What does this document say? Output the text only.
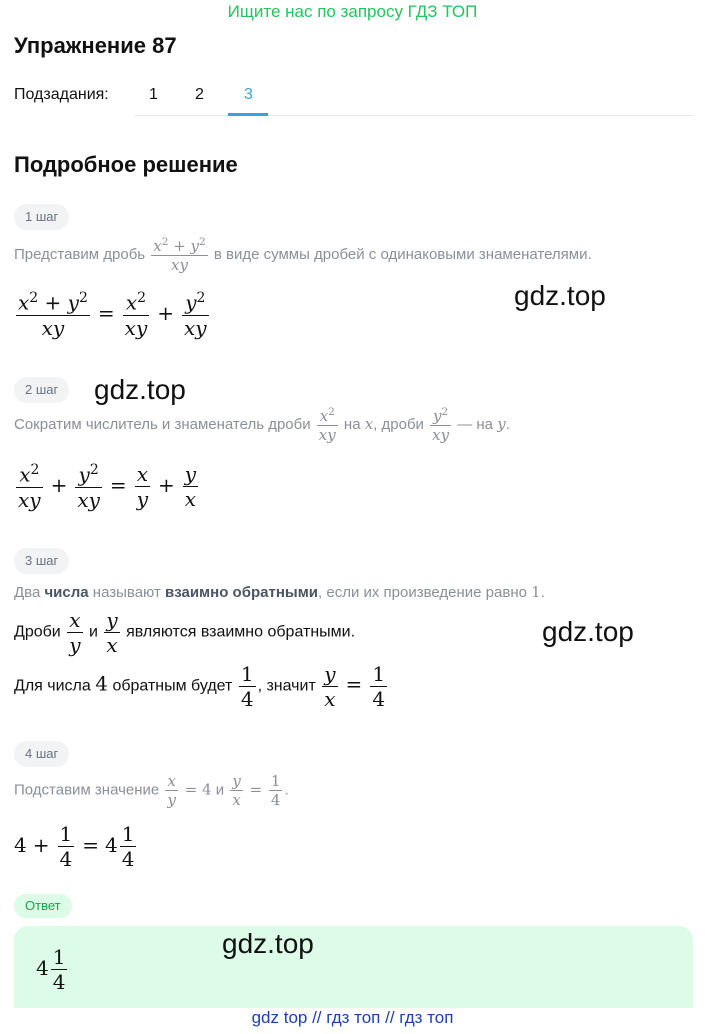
Ищите нас по запросу ГДЗ ТОП
Упражнение 87
Подзадания:	1 2	3
Подробное решение
1 шаг
Представим дробь $\frac{x^2 + y^2}{xy}$ в виде суммы дробей с одинаковыми знаменателями.
$\frac{x^2 + y^2}{xy} = \frac{x^2}{xy} + \frac{y^2}{xy}$	gdz.top
2 шаг	gdz.top
Сократим числитель и знаменатель дроби $\frac{x^2}{xy}$ на x, дроби $\frac{y^2}{xy}$ — на y.
$\frac{x^2}{xy} + \frac{y^2}{xy} = \frac{x}{y} + \frac{y}{x}$
3 шаг
Два числа называют взаимно обратными, если их произведение равно 1.
Дроби $\frac{x}{y}$ и $\frac{y}{x}$ являются взаимно обратными.	gdz.top
Для числа 4 обратным будет $\frac{1}{4}$ , значит $\frac{y}{x} = \frac{1}{4}$
4 шаг
Подставим значение $\frac{x}{y} = 4$ и $\frac{y}{x} = \frac{1}{4}$ .
$4 + \frac{1}{4} = 4 \frac{1}{4}$
Ответ
$4 \frac{1}{4}$
gdz.top
gdz top // гдз топ // гдз топ
